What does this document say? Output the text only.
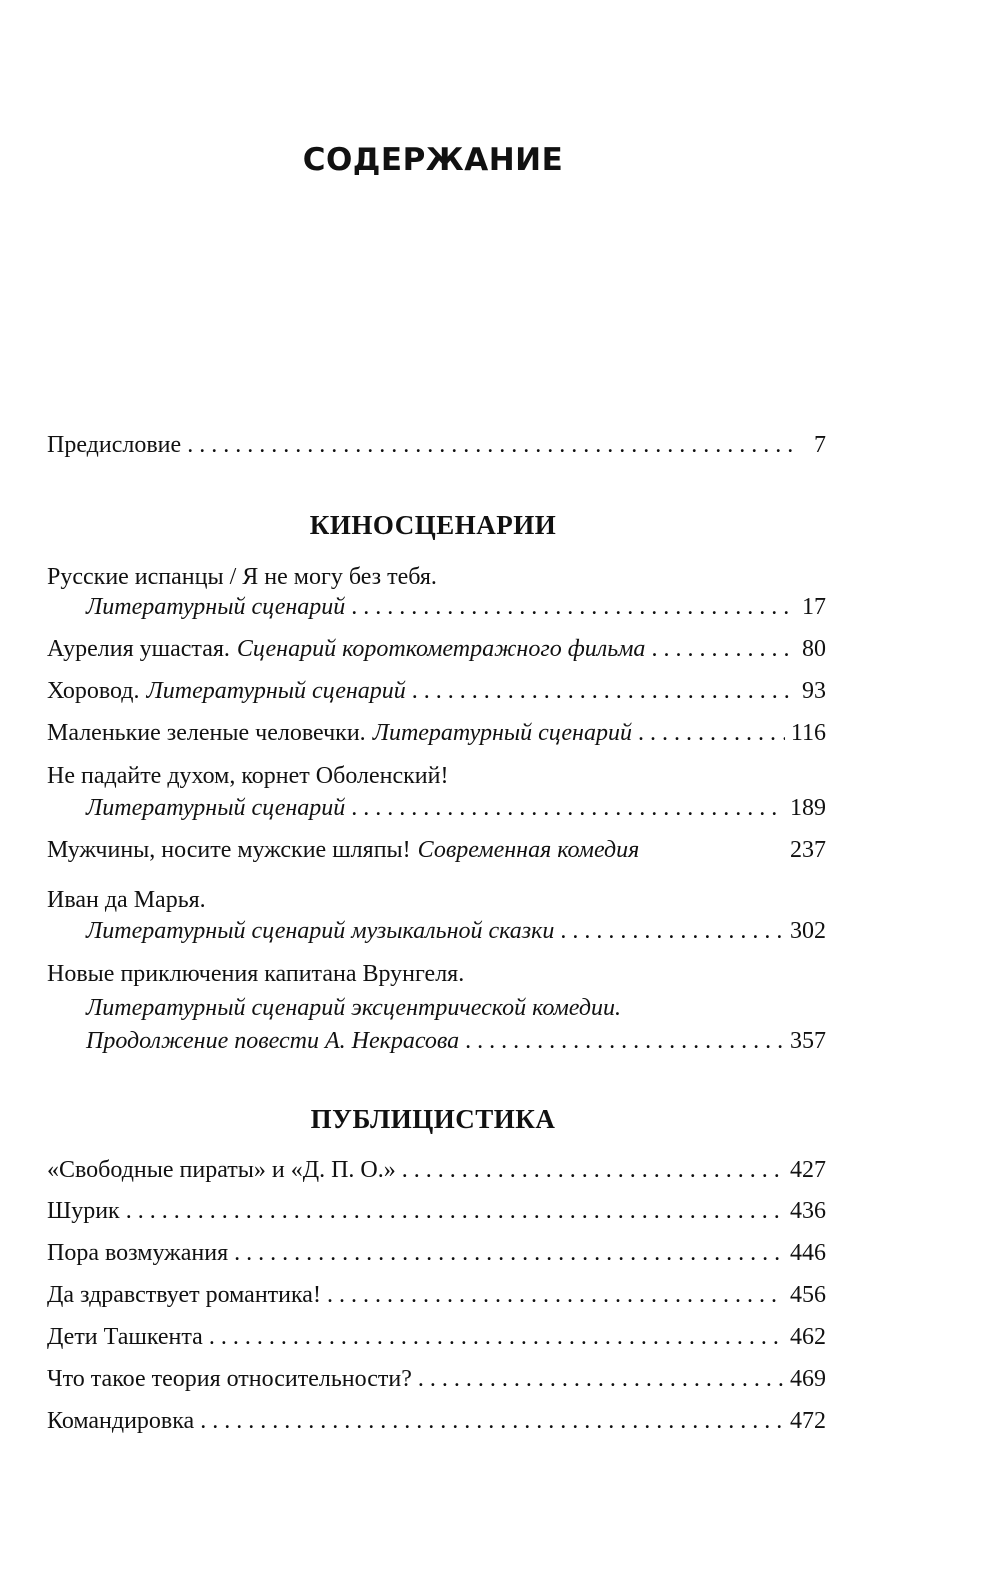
СОДЕРЖАНИЕ
Предисловие . . .	7
КИНОСЦЕНАРИИ
Русские испанцы / Я не могу без тебя.
Литературный сценарий . . .	17
Аурелия ушастая. Сценарий короткометражного фильма . . .	80
Хоровод. Литературный сценарий . . .	93
Маленькие зеленые человечки. Литературный сценарий . . .	116
Не падайте духом, корнет Оболенский!
Литературный сценарий . . .	189
Мужчины, носите мужские шляпы! Современная комедия	237
Иван да Марья.
Литературный сценарий музыкальной сказки . . .	302
Новые приключения капитана Врунгеля.
Литературный сценарий эксцентрической комедии.
Продолжение повести А. Некрасова . . .	357
ПУБЛИЦИСТИКА
«Свободные пираты» и «Д. П. О.» . . .	427
Шурик . . .	436
Пора возмужания . . .	446
Да здравствует романтика! . . .	456
Дети Ташкента . . .	462
Что такое теория относительности? . . .	469
Командировка . . .	472
